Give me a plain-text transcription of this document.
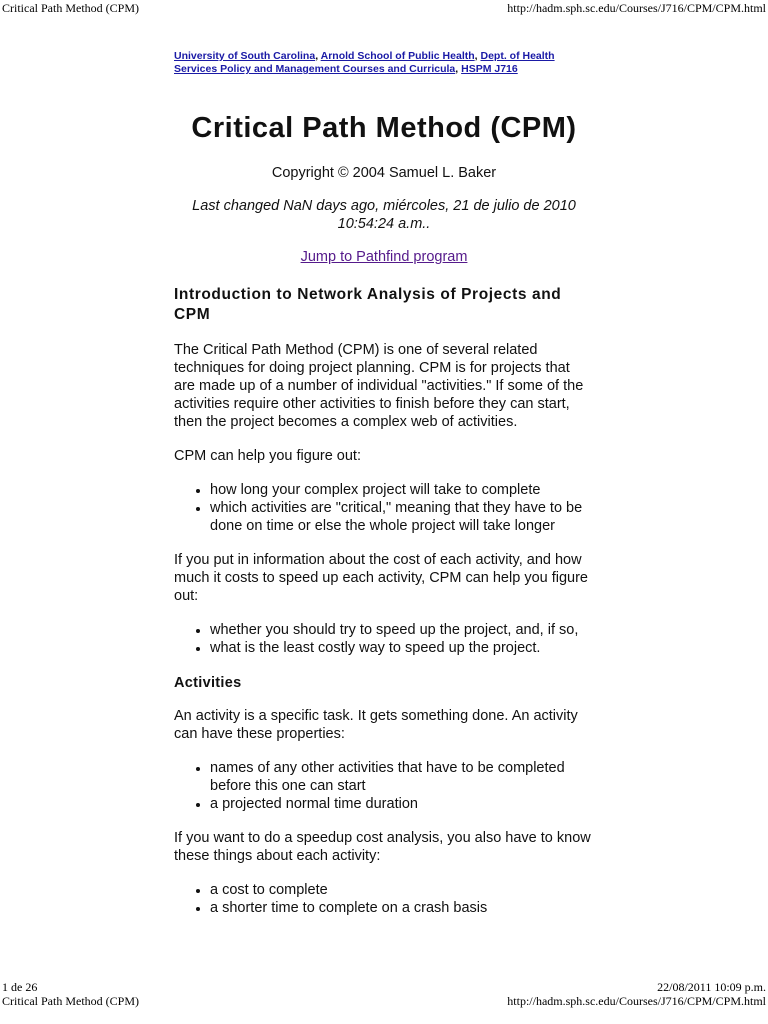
Critical Path Method (CPM)	http://hadm.sph.sc.edu/Courses/J716/CPM/CPM.html
University of South Carolina, Arnold School of Public Health, Dept. of Health Services Policy and Management Courses and Curricula, HSPM J716
Critical Path Method (CPM)
Copyright © 2004 Samuel L. Baker
Last changed NaN days ago, miércoles, 21 de julio de 2010 10:54:24 a.m..
Jump to Pathfind program
Introduction to Network Analysis of Projects and CPM

The Critical Path Method (CPM) is one of several related techniques for doing project planning. CPM is for projects that are made up of a number of individual "activities." If some of the activities require other activities to finish before they can start, then the project becomes a complex web of activities.

CPM can help you figure out:

• how long your complex project will take to complete
• which activities are "critical," meaning that they have to be done on time or else the whole project will take longer

If you put in information about the cost of each activity, and how much it costs to speed up each activity, CPM can help you figure out:

• whether you should try to speed up the project, and, if so,
• what is the least costly way to speed up the project.
Activities

An activity is a specific task. It gets something done. An activity can have these properties:

• names of any other activities that have to be completed before this one can start
• a projected normal time duration

If you want to do a speedup cost analysis, you also have to know these things about each activity:

• a cost to complete
• a shorter time to complete on a crash basis
1 de 26	22/08/2011 10:09 p.m.
Critical Path Method (CPM)	http://hadm.sph.sc.edu/Courses/J716/CPM/CPM.html
